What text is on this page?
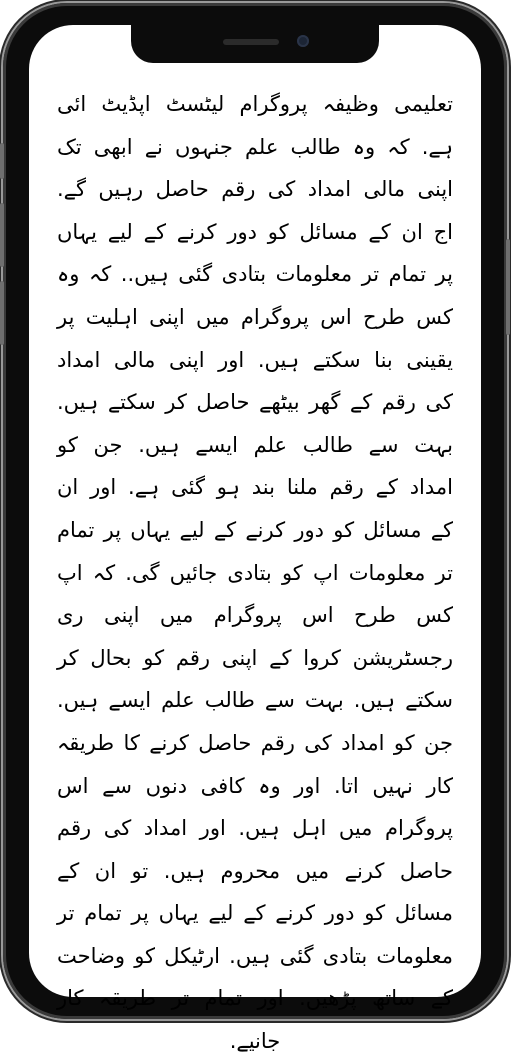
تعلیمی وظیفہ پروگرام لیٹسٹ اپڈیٹ ائی ہے. کہ وہ طالب علم جنہوں نے ابھی تک اپنی مالی امداد کی رقم حاصل رہیں گے. اج ان کے مسائل کو دور کرنے کے لیے یہاں پر تمام تر معلومات بتادی گئی ہیں.. کہ وہ کس طرح اس پروگرام میں اپنی اہلیت پر یقینی بنا سکتے ہیں. اور اپنی مالی امداد کی رقم کے گھر بیٹھے حاصل کر سکتے ہیں. بہت سے طالب علم ایسے ہیں. جن کو امداد کے رقم ملنا بند ہو گئی ہے. اور ان کے مسائل کو دور کرنے کے لیے یہاں پر تمام تر معلومات اپ کو بتادی جائیں گی. کہ اپ کس طرح اس پروگرام میں اپنی ری رجسٹریشن کروا کے اپنی رقم کو بحال کر سکتے ہیں. بہت سے طالب علم ایسے ہیں. جن کو امداد کی رقم حاصل کرنے کا طریقہ کار نہیں اتا. اور وہ کافی دنوں سے اس پروگرام میں اہل ہیں. اور امداد کی رقم حاصل کرنے میں محروم ہیں. تو ان کے مسائل کو دور کرنے کے لیے یہاں پر تمام تر معلومات بتادی گئی ہیں. ارٹیکل کو وضاحت کے ساتھ پڑھیں. اور تمام تر طریقہ کار جانیے.
